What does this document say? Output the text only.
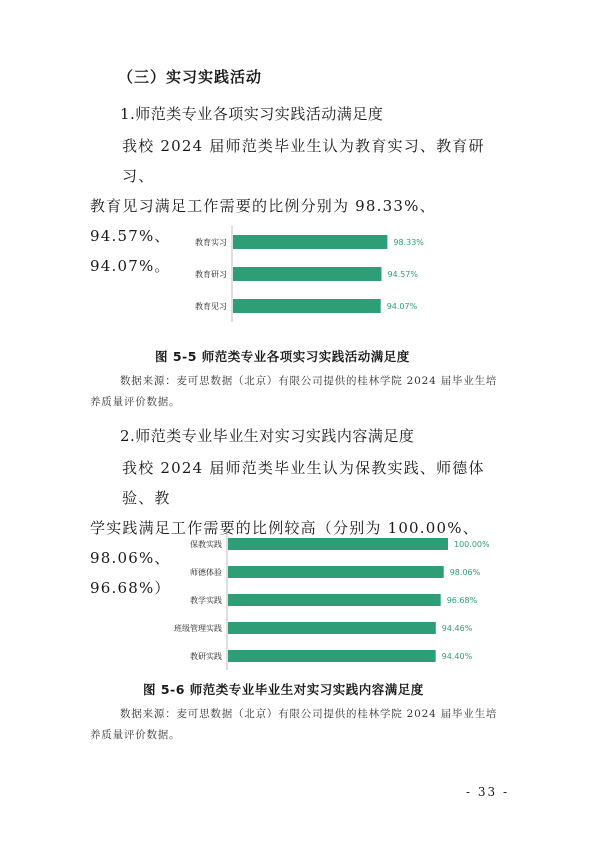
（三）实习实践活动
1.师范类专业各项实习实践活动满足度
我校 2024 届师范类毕业生认为教育实习、教育研习、
教育见习满足工作需要的比例分别为 98.33%、94.57%、
94.07%。
教育实习	98.33%
教育研习	94.57%
教育见习	94.07%
图 5-5 师范类专业各项实习实践活动满足度
数据来源：麦可思数据（北京）有限公司提供的桂林学院 2024 届毕业生培
养质量评价数据。
2.师范类专业毕业生对实习实践内容满足度
我校 2024 届师范类毕业生认为保教实践、师德体验、教
学实践满足工作需要的比例较高（分别为 100.00%、98.06%、
96.68%）
保教实践	100.00%
师德体验	98.06%
教学实践	96.68%
班级管理实践	94.46%
教研实践	94.40%
图 5-6 师范类专业毕业生对实习实践内容满足度
数据来源：麦可思数据（北京）有限公司提供的桂林学院 2024 届毕业生培
养质量评价数据。
- 33 -
